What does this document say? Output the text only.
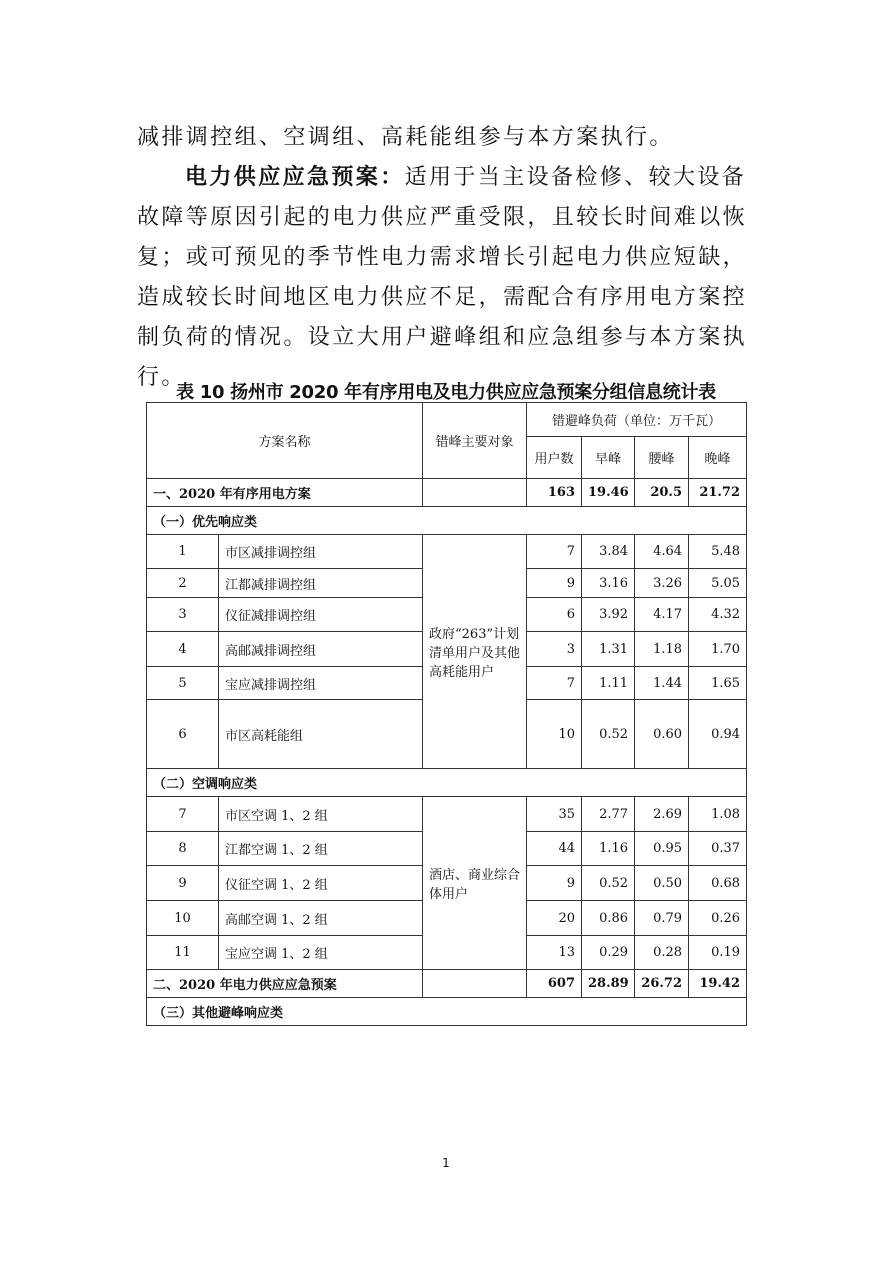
减排调控组、空调组、高耗能组参与本方案执行。

电力供应应急预案：适用于当主设备检修、较大设备故障等原因引起的电力供应严重受限，且较长时间难以恢复；或可预见的季节性电力需求增长引起电力供应短缺，造成较长时间地区电力供应不足，需配合有序用电方案控制负荷的情况。设立大用户避峰组和应急组参与本方案执行。

表 10 扬州市 2020 年有序用电及电力供应应急预案分组信息统计表
方案名称		错峰主要对象	错避峰负荷（单位：万千瓦）			
			用户数	早峰	腰峰	晚峰
一、2020 年有序用电方案			163	19.46	20.5	21.72
（一）优先响应类						
1	市区减排调控组	政府“263”计划清单用户及其他高耗能用户	7	3.84	4.64	5.48
2	江都减排调控组		9	3.16	3.26	5.05
3	仪征减排调控组		6	3.92	4.17	4.32
4	高邮减排调控组		3	1.31	1.18	1.70
5	宝应减排调控组		7	1.11	1.44	1.65
6	市区高耗能组		10	0.52	0.60	0.94
（二）空调响应类						
7	市区空调 1、2 组	酒店、商业综合体用户	35	2.77	2.69	1.08
8	江都空调 1、2 组		44	1.16	0.95	0.37
9	仪征空调 1、2 组		9	0.52	0.50	0.68
10	高邮空调 1、2 组		20	0.86	0.79	0.26
11	宝应空调 1、2 组		13	0.29	0.28	0.19
二、2020 年电力供应应急预案			607	28.89	26.72	19.42
（三）其他避峰响应类						
1
